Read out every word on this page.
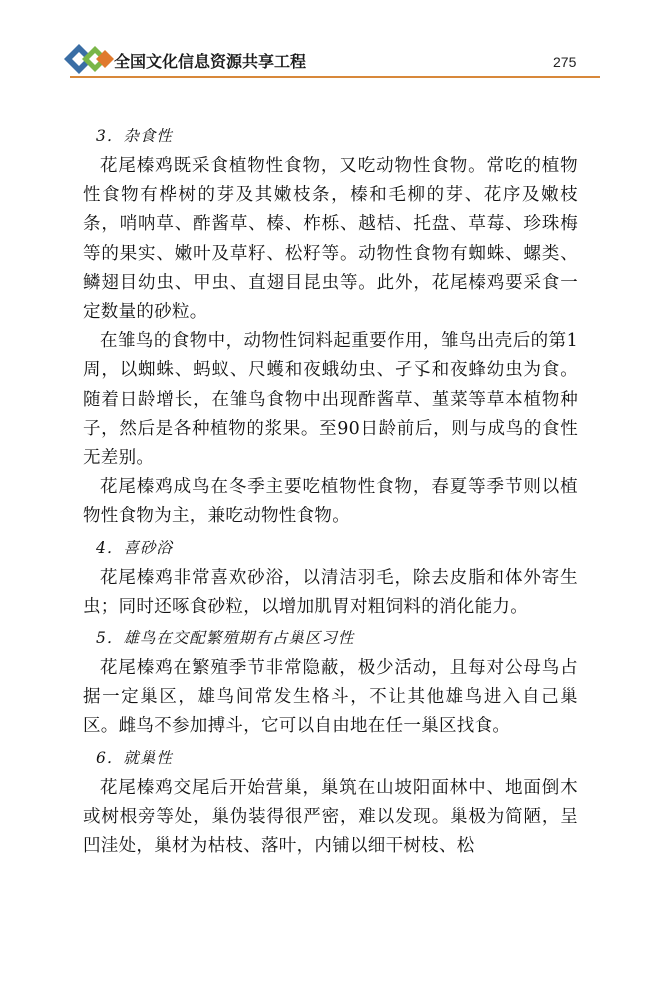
全国文化信息资源共享工程	275
3．杂食性

花尾榛鸡既采食植物性食物，又吃动物性食物。常吃的植物性食物有桦树的芽及其嫩枝条，榛和毛柳的芽、花序及嫩枝条，哨呐草、酢酱草、榛、柞栎、越桔、托盘、草莓、珍珠梅等的果实、嫩叶及草籽、松籽等。动物性食物有蜘蛛、螺类、鳞翅目幼虫、甲虫、直翅目昆虫等。此外，花尾榛鸡要采食一定数量的砂粒。

在雏鸟的食物中，动物性饲料起重要作用，雏鸟出壳后的第1周，以蜘蛛、蚂蚁、尺蠖和夜蛾幼虫、孑孓和夜蜂幼虫为食。随着日龄增长，在雏鸟食物中出现酢酱草、堇菜等草本植物种子，然后是各种植物的浆果。至90日龄前后，则与成鸟的食性无差别。

花尾榛鸡成鸟在冬季主要吃植物性食物，春夏等季节则以植物性食物为主，兼吃动物性食物。

4．喜砂浴

花尾榛鸡非常喜欢砂浴，以清洁羽毛，除去皮脂和体外寄生虫；同时还啄食砂粒，以增加肌胃对粗饲料的消化能力。

5．雄鸟在交配繁殖期有占巢区习性

花尾榛鸡在繁殖季节非常隐蔽，极少活动，且每对公母鸟占据一定巢区，雄鸟间常发生格斗，不让其他雄鸟进入自己巢区。雌鸟不参加搏斗，它可以自由地在任一巢区找食。

6．就巢性

花尾榛鸡交尾后开始营巢，巢筑在山坡阳面林中、地面倒木或树根旁等处，巢伪装得很严密，难以发现。巢极为简陋，呈凹洼处，巢材为枯枝、落叶，内铺以细干树枝、松
